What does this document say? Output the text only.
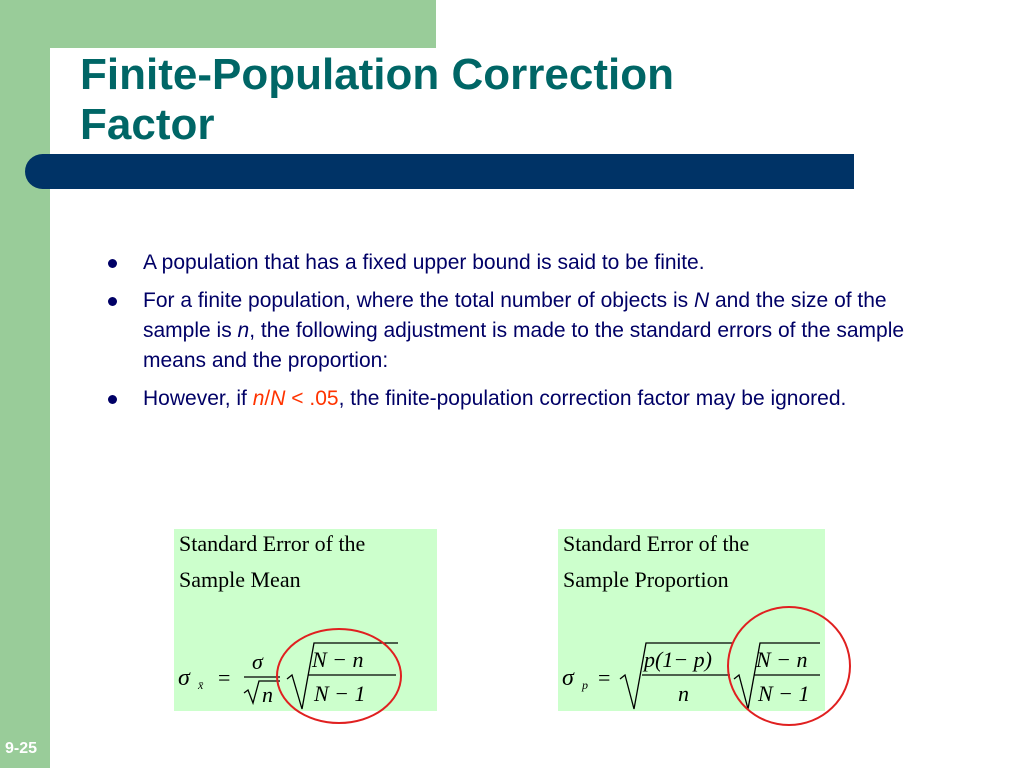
Finite-Population Correction
Factor
A population that has a fixed upper bound is said to be finite.
For a finite population, where the total number of objects is N and the size of the sample is n, the following adjustment is made to the standard errors of the sample means and the proportion:
However, if n/N < .05, the finite-population correction factor may be ignored.
Standard Error of the
Sample Mean
σ x̄ =
σ
n
N − n
N − 1
Standard Error of the
Sample Proportion
σ p =
p(1− p)
n
N − n
N − 1
9-25
